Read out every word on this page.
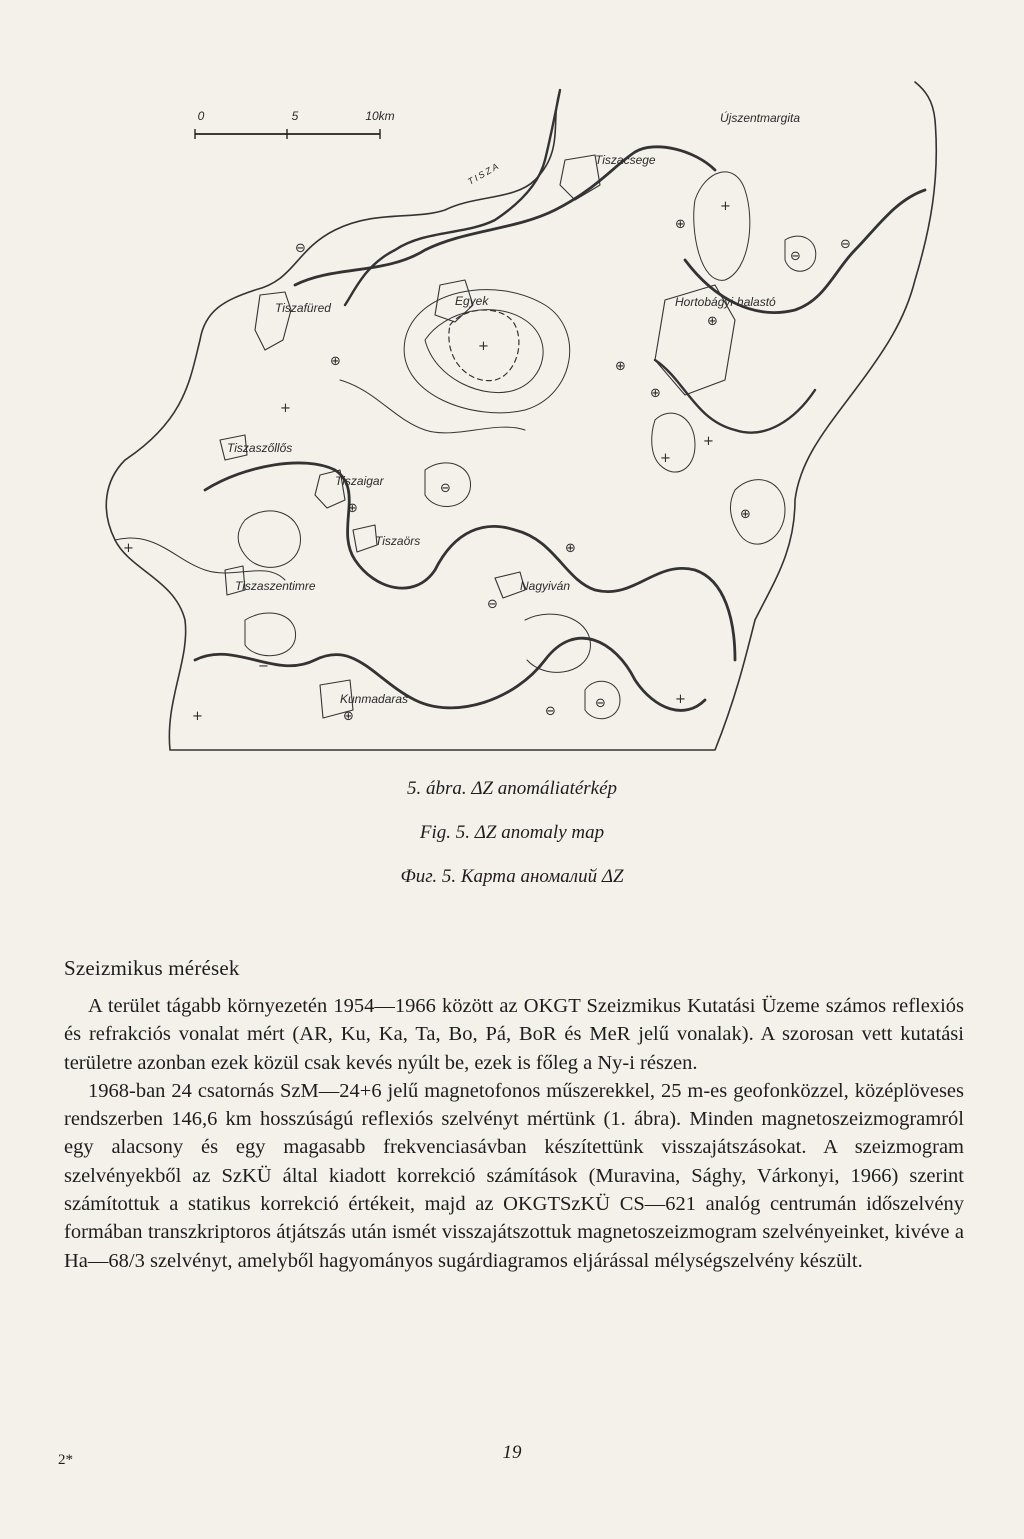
0	5	10km
TISZA
Tiszacsege
Újszentmargita
Tiszafüred	Egyek	Hortobágyi-halastó
Tiszaszőllős
Tiszaigar
Tiszaörs
Tiszaszentimre	Nagyiván
Kunmadaras
+
⊕
⊖
⊖
⊖
+
⊕
+
⊕
⊕
⊕
+
+
⊖
⊕	⊕
+	⊕
⊖
−
⊕
+	⊖
⊖	+
5. ábra. ΔZ anomáliatérkép
Fig. 5. ΔZ anomaly map
Фиг. 5. Карта аномалий ΔZ
Szeizmikus mérések

A terület tágabb környezetén 1954—1966 között az OKGT Szeizmikus Kutatási Üzeme számos reflexiós és refrakciós vonalat mért (AR, Ku, Ka, Ta, Bo, Pá, BoR és MeR jelű vonalak). A szorosan vett kutatási területre azonban ezek közül csak kevés nyúlt be, ezek is főleg a Ny-i részen.

1968-ban 24 csatornás SzM—24+6 jelű magnetofonos műszerekkel, 25 m-es geofonközzel, középlöveses rendszerben 146,6 km hosszúságú reflexiós szelvényt mértünk (1. ábra). Minden magnetoszeizmogramról egy alacsony és egy magasabb frekvenciasávban készítettünk visszajátszásokat. A szeizmogram szelvényekből az SzKÜ által kiadott korrekció számítások (Muravina, Sághy, Várkonyi, 1966) szerint számítottuk a statikus korrekció értékeit, majd az OKGTSzKÜ CS—621 analóg centrumán időszelvény formában transzkriptoros átjátszás után ismét visszajátszottuk magnetoszeizmogram szelvényeinket, kivéve a Ha—68/3 szelvényt, amelyből hagyományos sugárdiagramos eljárással mélységszelvény készült.

2*	19
